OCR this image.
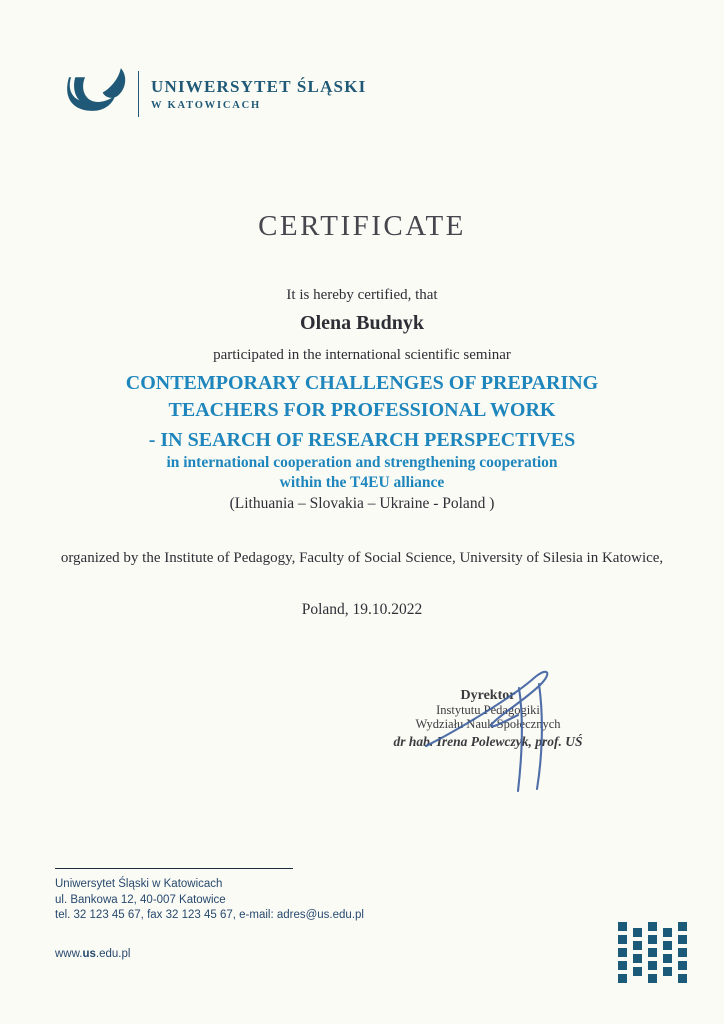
UNIWERSYTET ŚLĄSKI
W KATOWICACH
CERTIFICATE
It is hereby certified, that
Olena Budnyk
participated in the international scientific seminar
CONTEMPORARY CHALLENGES OF PREPARING
TEACHERS FOR PROFESSIONAL WORK
- IN SEARCH OF RESEARCH PERSPECTIVES
in international cooperation and strengthening cooperation
within the T4EU alliance
(Lithuania – Slovakia – Ukraine - Poland )
organized by the Institute of Pedagogy, Faculty of Social Science, University of Silesia in Katowice,
Poland, 19.10.2022
Dyrektor
Instytutu Pedagogiki
Wydziału Nauk Społecznych
dr hab. Irena Polewczyk, prof. UŚ
Uniwersytet Śląski w Katowicach
ul. Bankowa 12, 40-007 Katowice
tel. 32 123 45 67, fax 32 123 45 67, e-mail: adres@us.edu.pl
www.us.edu.pl
